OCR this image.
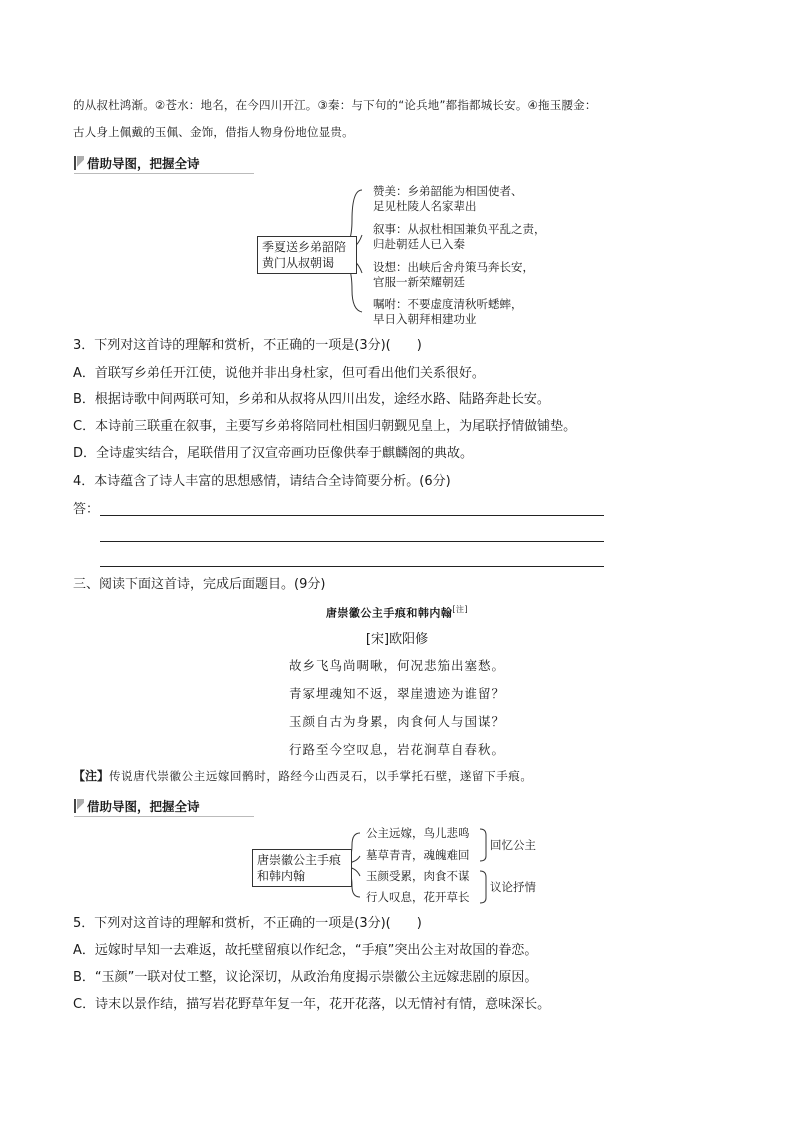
的从叔杜鸿渐。②苍水：地名，在今四川开江。③秦：与下句的“论兵地”都指都城长安。④拖玉腰金：
古人身上佩戴的玉佩、金饰，借指人物身份地位显贵。
借助导图，把握全诗
季夏送乡弟韶陪
黄门从叔朝谒
赞美：乡弟韶能为相国使者、
足见杜陵人名家辈出
叙事：从叔杜相国兼负平乱之责，
归赴朝廷人已入秦
设想：出峡后舍舟策马奔长安，
官服一新荣耀朝廷
嘱咐：不要虚度清秋听蟋蟀，
早日入朝拜相建功业
3．下列对这首诗的理解和赏析，不正确的一项是(3分)(　　)
A．首联写乡弟任开江使，说他并非出身杜家，但可看出他们关系很好。
B．根据诗歌中间两联可知，乡弟和从叔将从四川出发，途经水路、陆路奔赴长安。
C．本诗前三联重在叙事，主要写乡弟将陪同杜相国归朝觐见皇上，为尾联抒情做铺垫。
D．全诗虚实结合，尾联借用了汉宣帝画功臣像供奉于麒麟阁的典故。
4．本诗蕴含了诗人丰富的思想感情，请结合全诗简要分析。(6分)
答：
三、阅读下面这首诗，完成后面题目。(9分)
唐崇徽公主手痕和韩内翰[注]
[宋]欧阳修
故乡飞鸟尚啁啾，何况悲笳出塞愁。
青冢埋魂知不返，翠崖遗迹为谁留？
玉颜自古为身累，肉食何人与国谋？
行路至今空叹息，岩花涧草自春秋。
【注】传说唐代崇徽公主远嫁回鹘时，路经今山西灵石，以手掌托石壁，遂留下手痕。
借助导图，把握全诗
唐崇徽公主手痕
和韩内翰
公主远嫁，鸟儿悲鸣
墓草青青，魂魄难回
玉颜受累，肉食不谋
行人叹息，花开草长
回忆公主
议论抒情
5．下列对这首诗的理解和赏析，不正确的一项是(3分)(　　)
A．远嫁时早知一去难返，故托壁留痕以作纪念，“手痕”突出公主对故国的眷恋。
B．“玉颜”一联对仗工整，议论深切，从政治角度揭示崇徽公主远嫁悲剧的原因。
C．诗末以景作结，描写岩花野草年复一年，花开花落，以无情衬有情，意味深长。
